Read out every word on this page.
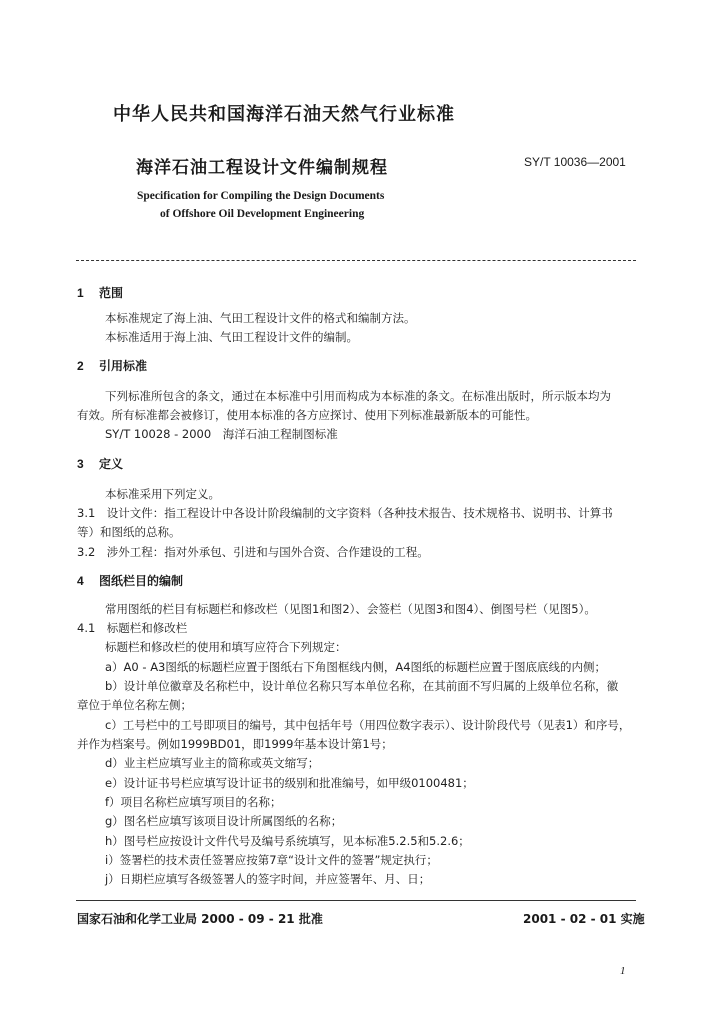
中华人民共和国海洋石油天然气行业标准
海洋石油工程设计文件编制规程	SY/T 10036—2001
Specification for Compiling the Design Documents
of Offshore Oil Development Engineering
1 范围
本标准规定了海上油、气田工程设计文件的格式和编制方法。
本标准适用于海上油、气田工程设计文件的编制。
2 引用标准
下列标准所包含的条文，通过在本标准中引用而构成为本标准的条文。在标准出版时，所示版本均为
有效。所有标准都会被修订，使用本标准的各方应探讨、使用下列标准最新版本的可能性。
SY/T 10028 - 2000　海洋石油工程制图标准
3 定义
本标准采用下列定义。
3.1　设计文件：指工程设计中各设计阶段编制的文字资料（各种技术报告、技术规格书、说明书、计算书
等）和图纸的总称。
3.2　涉外工程：指对外承包、引进和与国外合资、合作建设的工程。
4 图纸栏目的编制
常用图纸的栏目有标题栏和修改栏（见图1和图2）、会签栏（见图3和图4）、倒图号栏（见图5）。
4.1　标题栏和修改栏
标题栏和修改栏的使用和填写应符合下列规定：
a）A0 - A3图纸的标题栏应置于图纸右下角图框线内侧，A4图纸的标题栏应置于图底底线的内侧；
b）设计单位徽章及名称栏中，设计单位名称只写本单位名称，在其前面不写归属的上级单位名称，徽
章位于单位名称左侧；
c）工号栏中的工号即项目的编号，其中包括年号（用四位数字表示）、设计阶段代号（见表1）和序号，
并作为档案号。例如1999BD01，即1999年基本设计第1号；
d）业主栏应填写业主的简称或英文缩写；
e）设计证书号栏应填写设计证书的级别和批准编号，如甲级0100481；
f）项目名称栏应填写项目的名称；
g）图名栏应填写该项目设计所属图纸的名称；
h）图号栏应按设计文件代号及编号系统填写，见本标准5.2.5和5.2.6；
i）签署栏的技术责任签署应按第7章“设计文件的签署”规定执行；
j）日期栏应填写各级签署人的签字时间，并应签署年、月、日；
国家石油和化学工业局 2000 - 09 - 21 批准	2001 - 02 - 01 实施
1
